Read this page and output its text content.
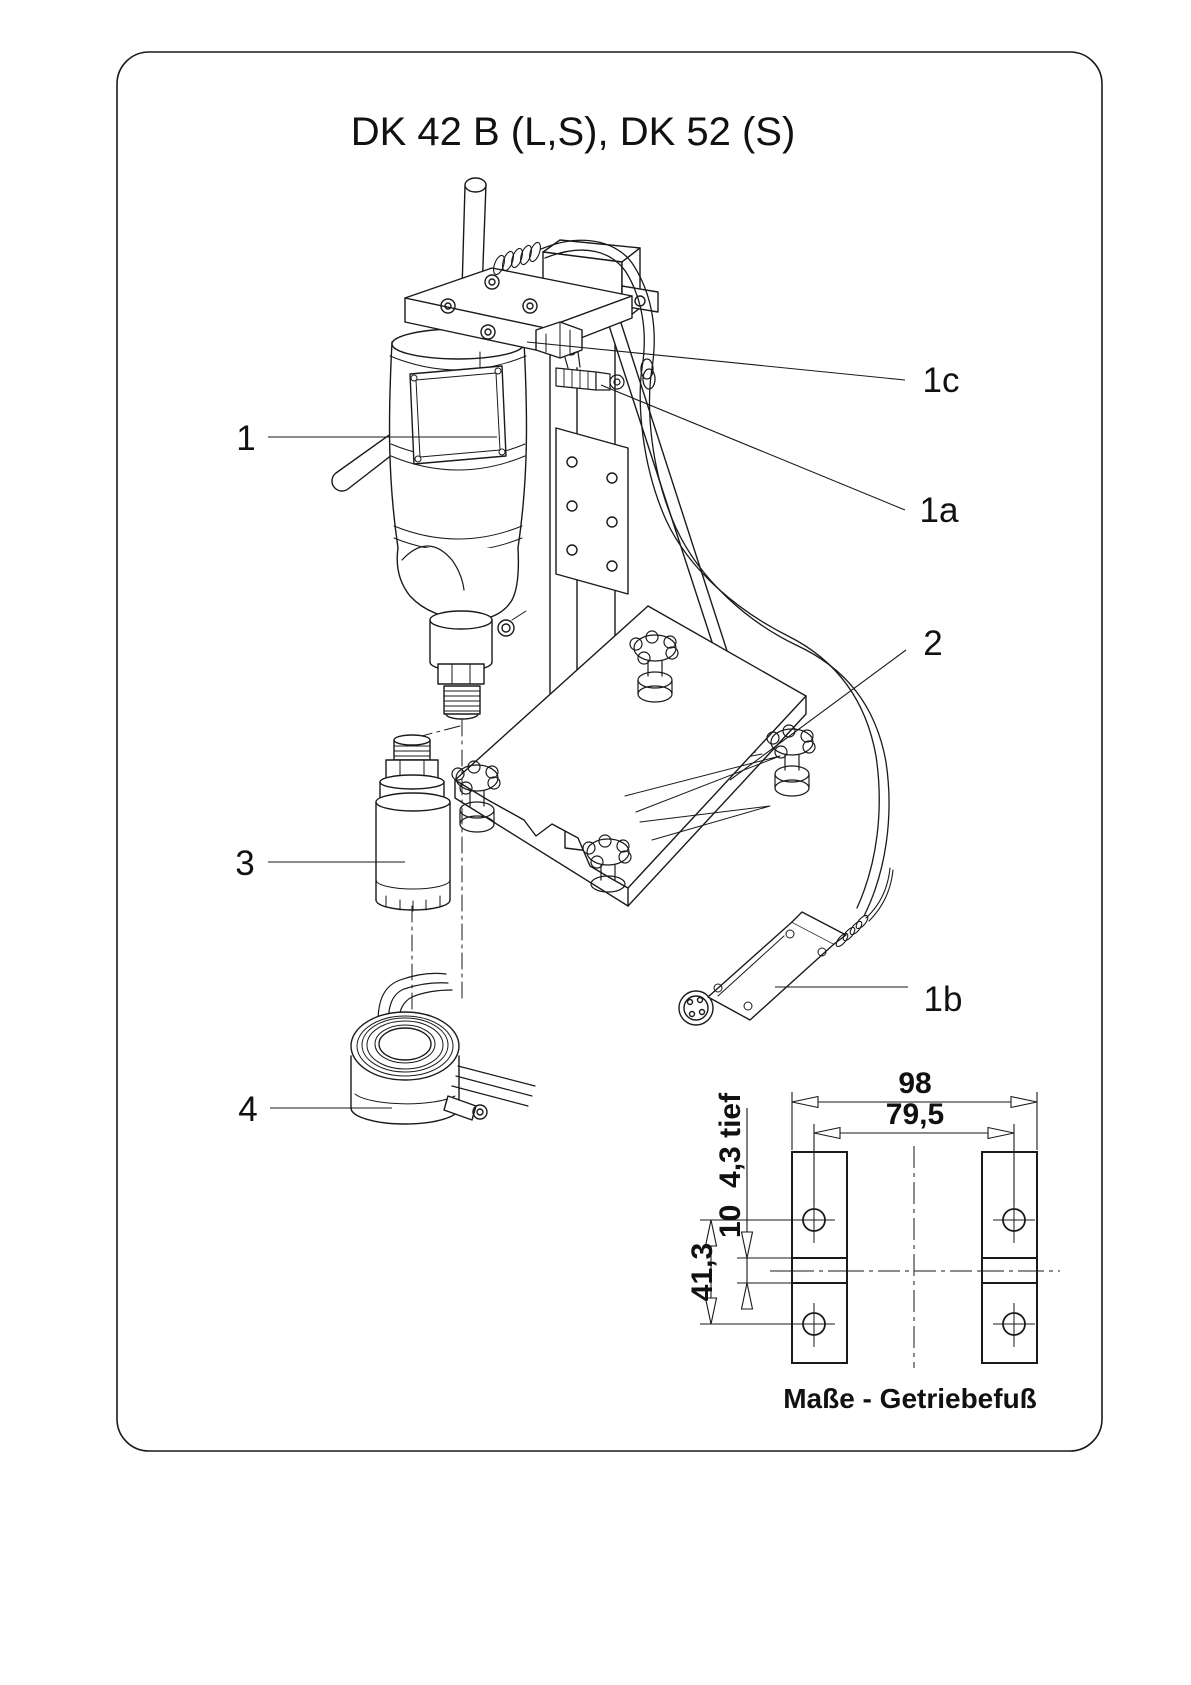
DK 42 B (L,S), DK 52 (S)
1
3
4
1c
1a
2
1b
98
79,5
41,3
10  4,3 tief
Maße - Getriebefuß
